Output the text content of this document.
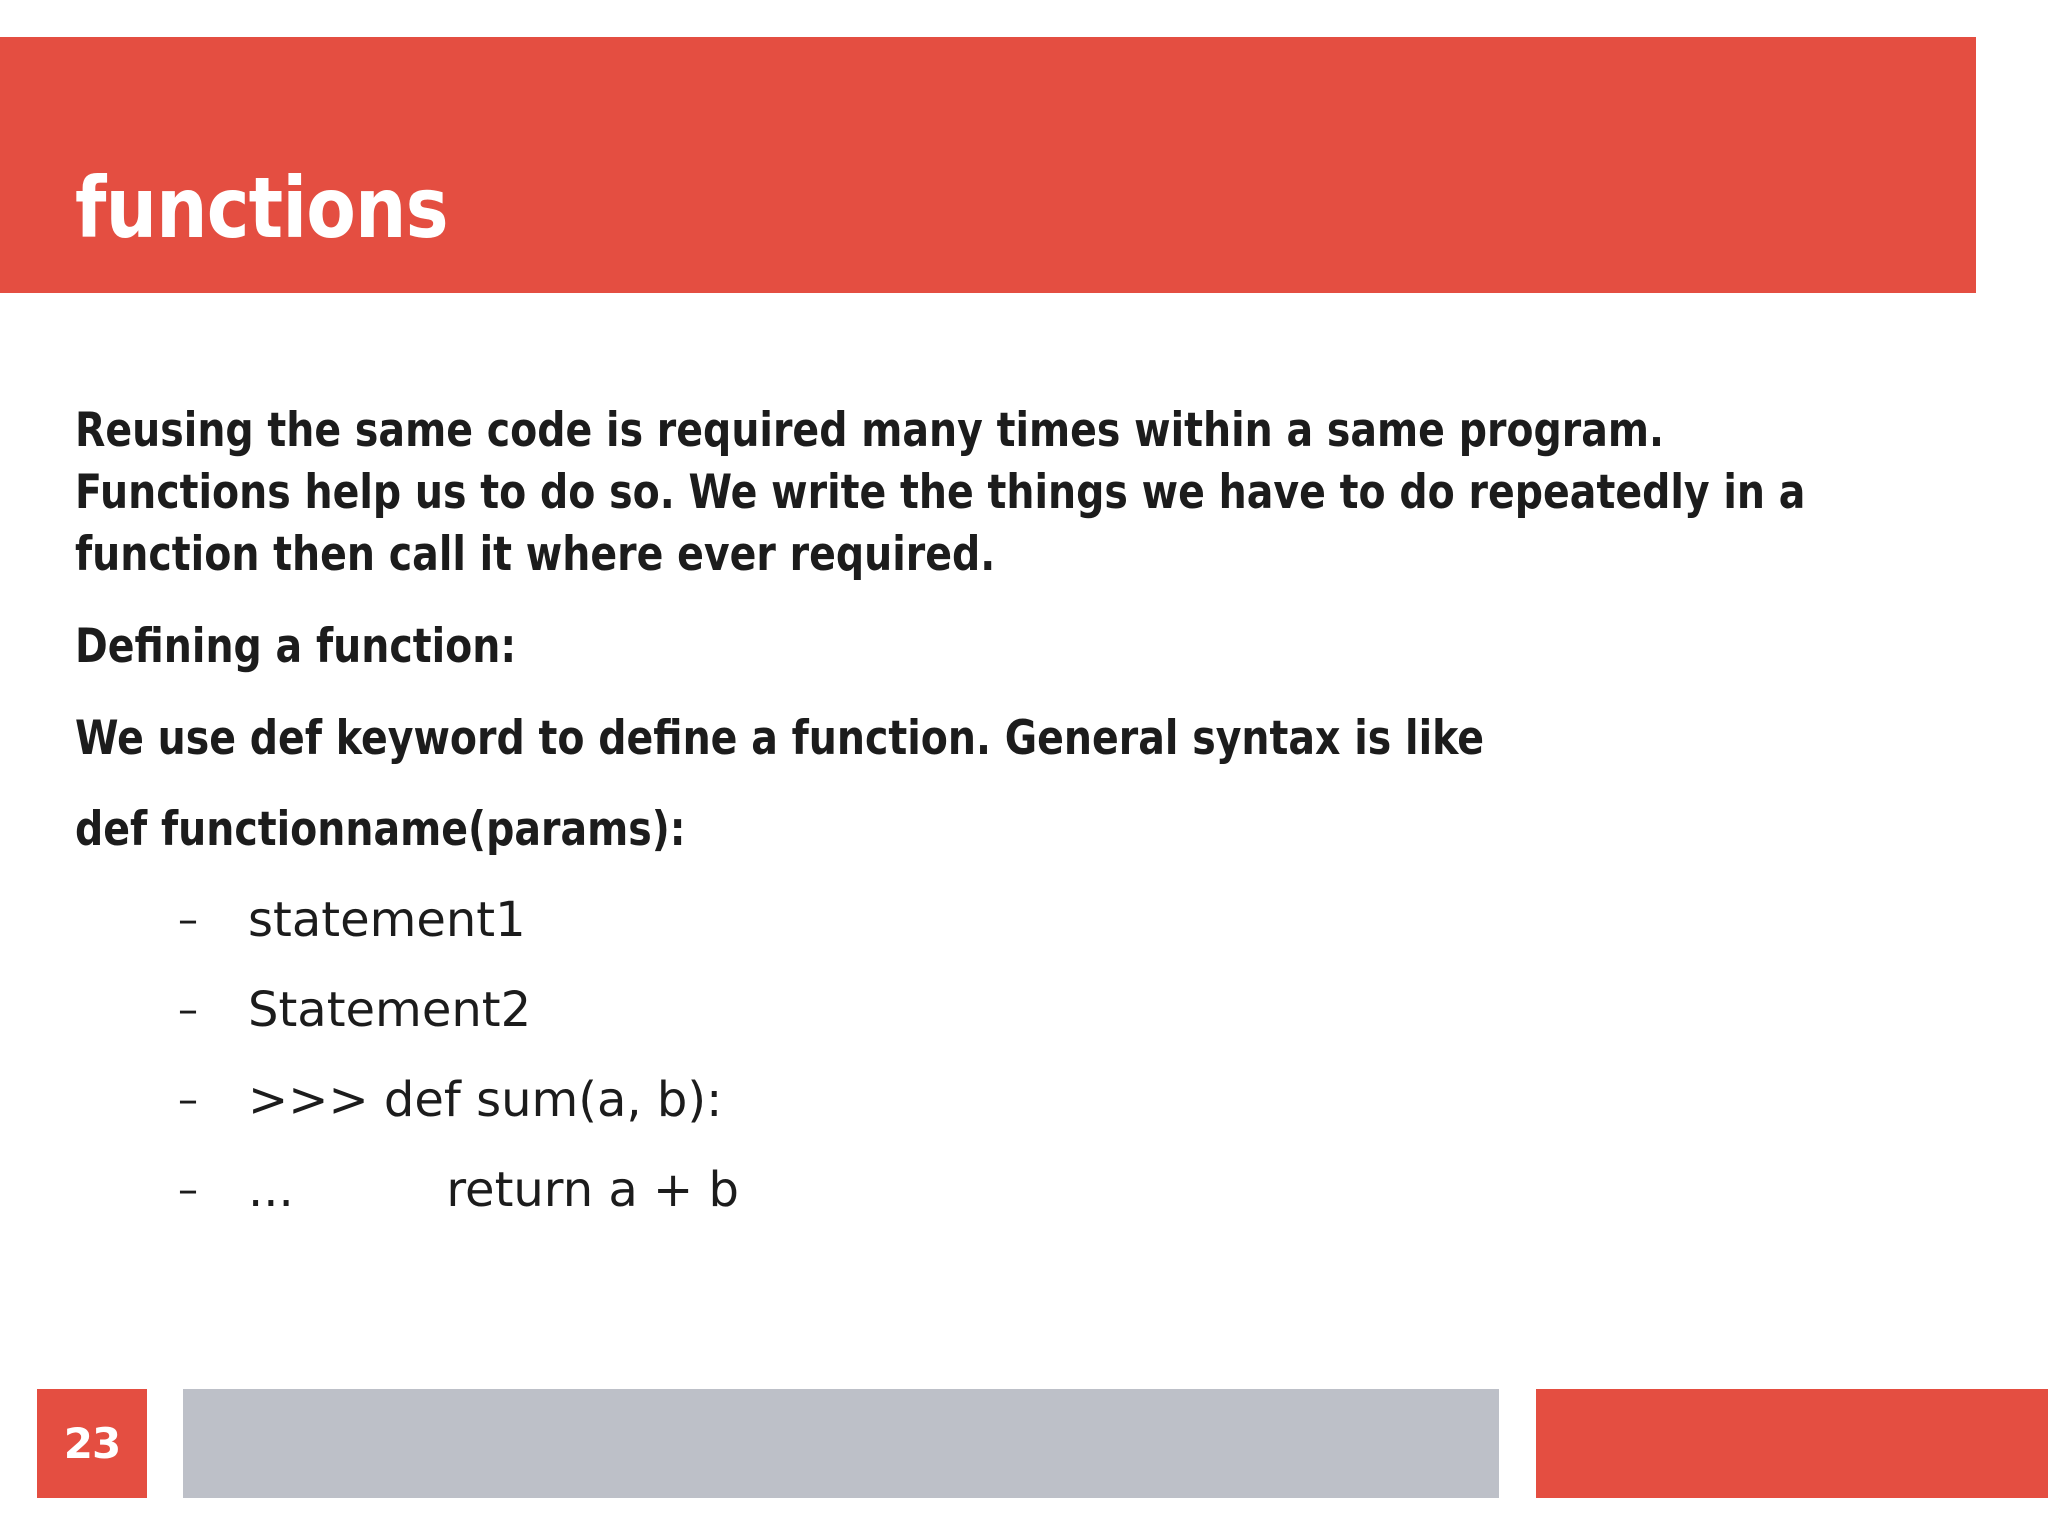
functions

Reusing the same code is required many times within a same program.

Functions help us to do so. We write the things we have to do repeatedly in a

function then call it where ever required.

Defining a function:

We use def keyword to define a function. General syntax is like

def functionname(params):

–	statement1
–	Statement2
–	>>> def sum(a, b):
–	...          return a + b
23
